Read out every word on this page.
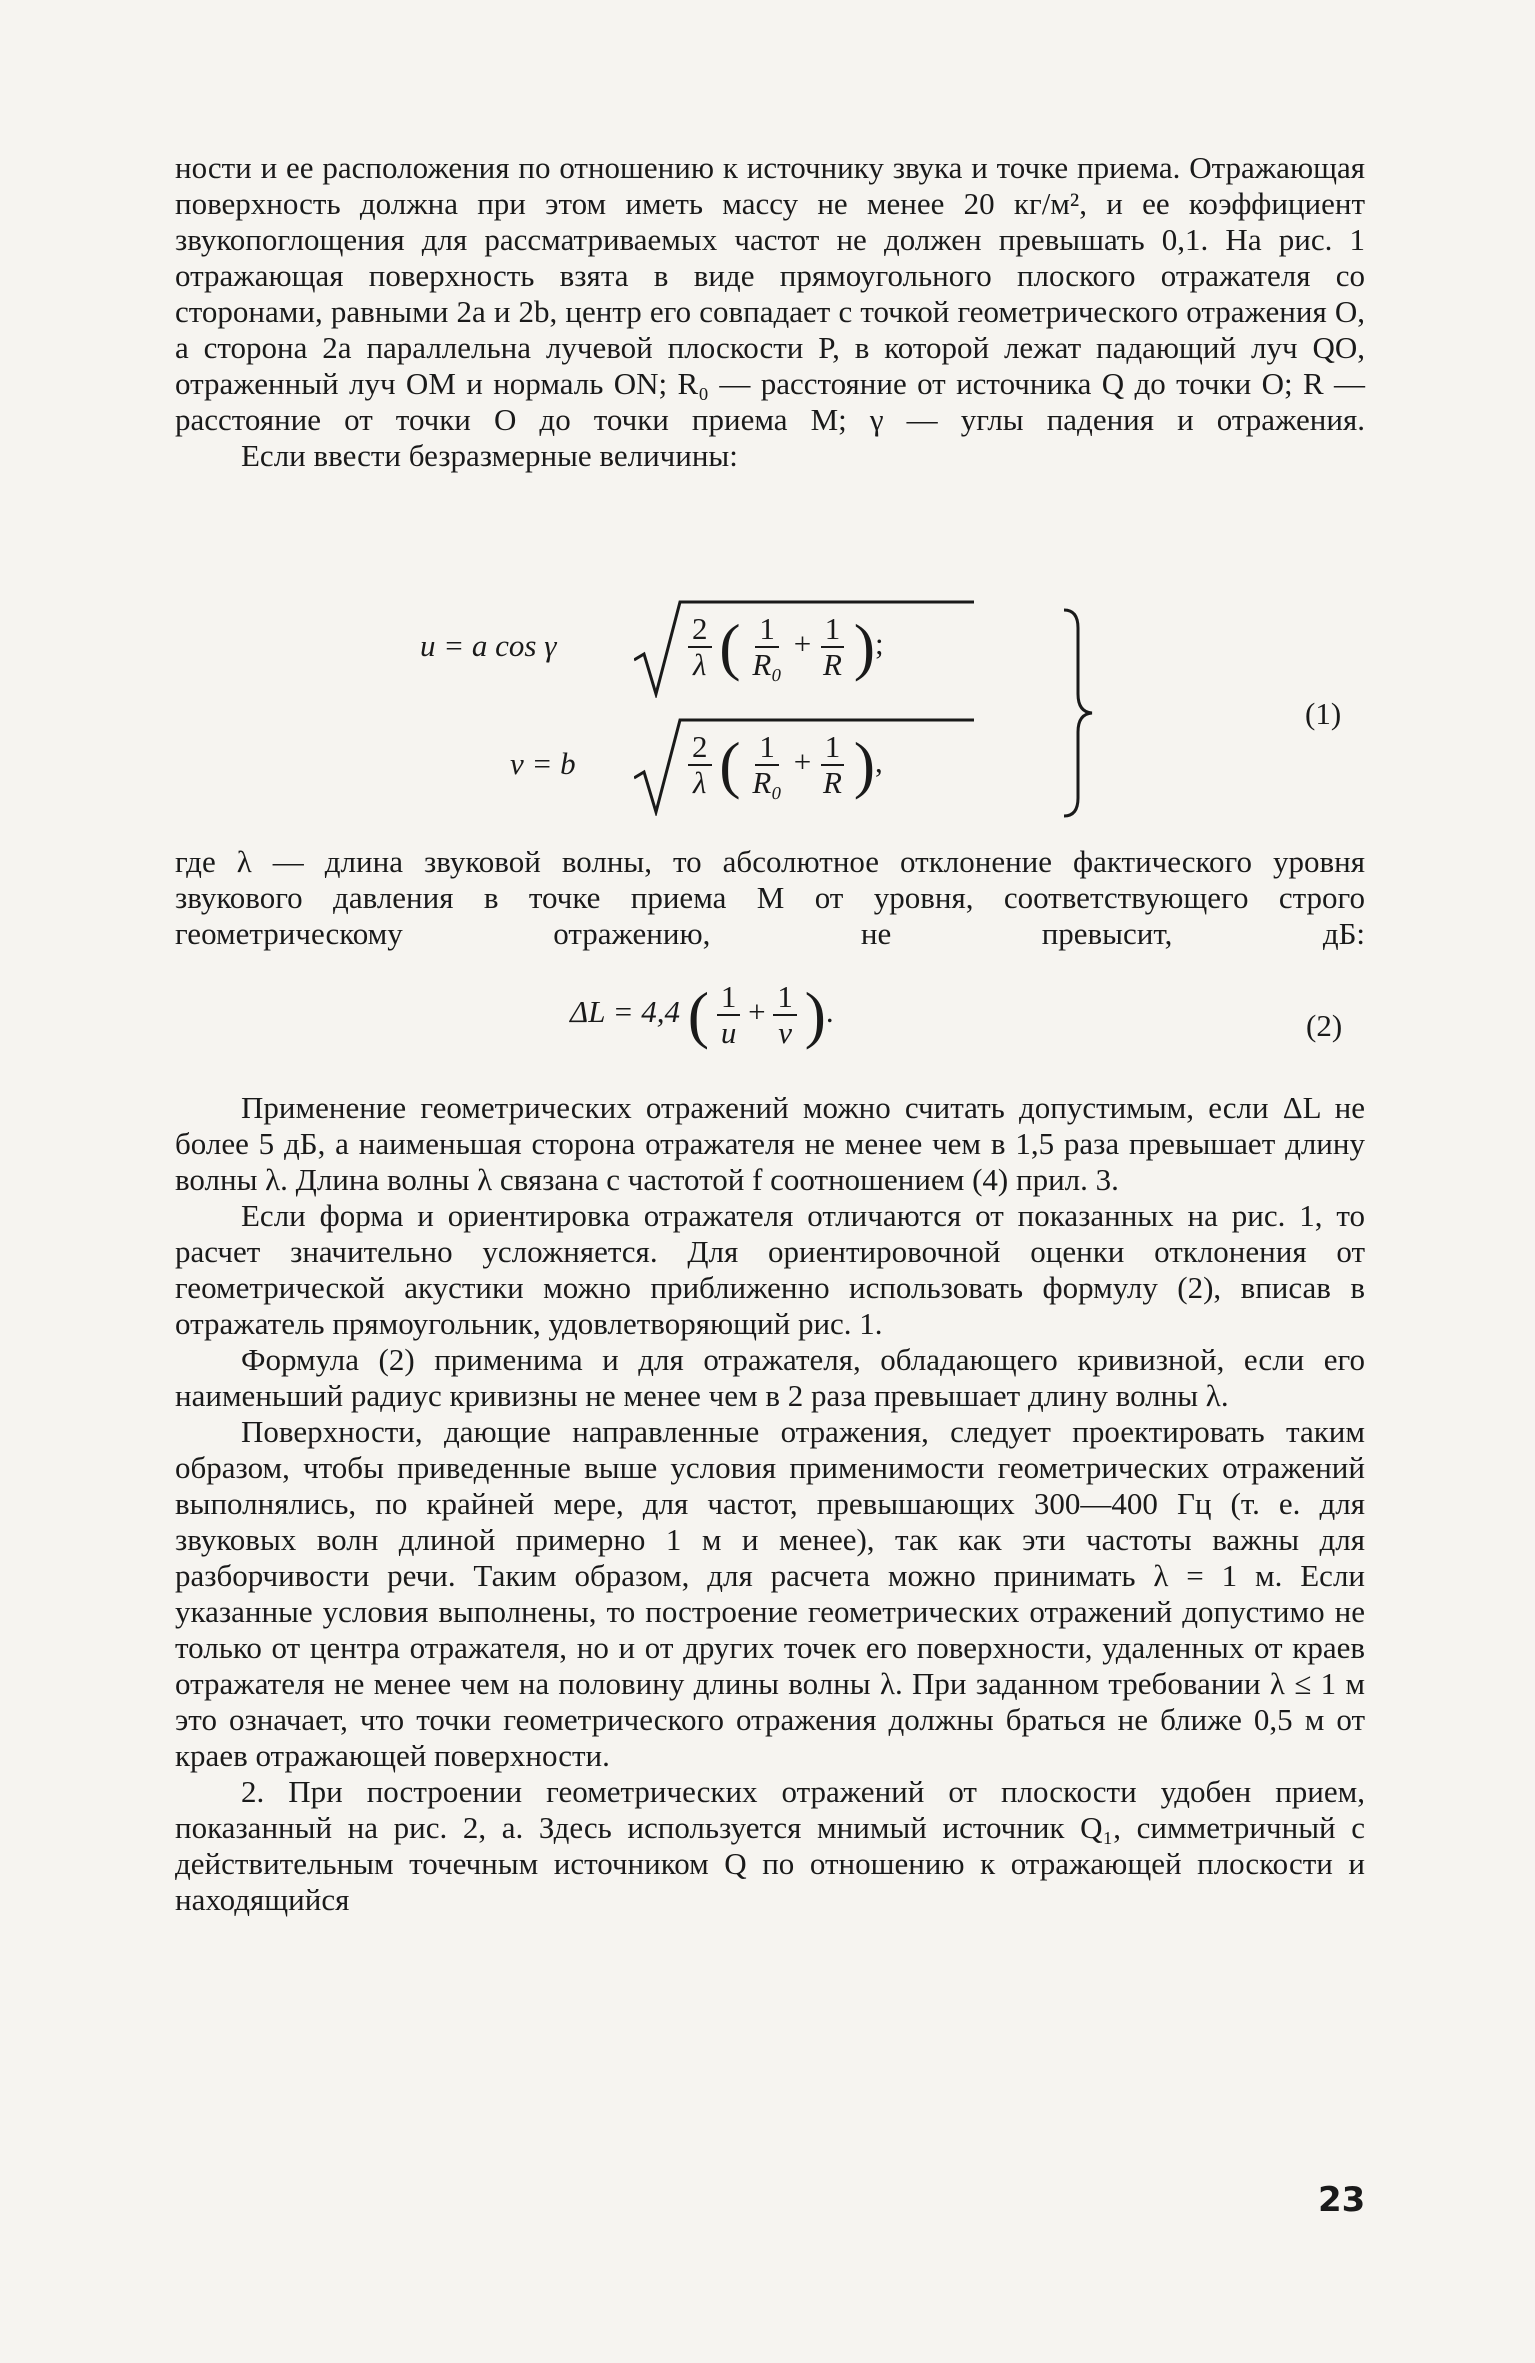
ности и ее расположения по отношению к источнику звука и точке приема. Отражающая поверхность должна при этом иметь массу не менее 20 кг/м², и ее коэффициент звукопоглощения для рассматриваемых частот не должен превышать 0,1. На рис. 1 отражающая поверхность взята в виде прямоугольного плоского отражателя со сторонами, равными 2a и 2b, центр его совпадает с точкой геометрического отражения O, а сторона 2a параллельна лучевой плоскости P, в которой лежат падающий луч QO, отраженный луч OM и нормаль ON; R₀ — расстояние от источника Q до точки O; R — расстояние от точки O до точки приема M; γ — углы падения и отражения.

Если ввести безразмерные величины:

u = a cos γ	$\frac{2}{\lambda}$ ( $\frac{1}{\text{R₀}} + \frac{1}{R}$ );
v = b	$\frac{2}{\lambda}$ ( $\frac{1}{\text{R₀}} + \frac{1}{R}$ ),
(1)

где λ — длина звуковой волны, то абсолютное отклонение фактического уровня звукового давления в точке приема M от уровня, соответствующего строго геометрическому отражению, не превысит, дБ:

ΔL = 4,4 ( $\frac{1}{u} + \frac{1}{v}$ ).	(2)

Применение геометрических отражений можно считать допустимым, если ΔL не более 5 дБ, а наименьшая сторона отражателя не менее чем в 1,5 раза превышает длину волны λ. Длина волны λ связана с частотой f соотношением (4) прил. 3.

Если форма и ориентировка отражателя отличаются от показанных на рис. 1, то расчет значительно усложняется. Для ориентировочной оценки отклонения от геометрической акустики можно приближенно использовать формулу (2), вписав в отражатель прямоугольник, удовлетворяющий рис. 1.

Формула (2) применима и для отражателя, обладающего кривизной, если его наименьший радиус кривизны не менее чем в 2 раза превышает длину волны λ.

Поверхности, дающие направленные отражения, следует проектировать таким образом, чтобы приведенные выше условия применимости геометрических отражений выполнялись, по крайней мере, для частот, превышающих 300—400 Гц (т. е. для звуковых волн длиной примерно 1 м и менее), так как эти частоты важны для разборчивости речи. Таким образом, для расчета можно принимать λ = 1 м. Если указанные условия выполнены, то построение геометрических отражений допустимо не только от центра отражателя, но и от других точек его поверхности, удаленных от краев отражателя не менее чем на половину длины волны λ. При заданном требовании λ ≤ 1 м это означает, что точки геометрического отражения должны браться не ближе 0,5 м от краев отражающей поверхности.

2. При построении геометрических отражений от плоскости удобен прием, показанный на рис. 2, а. Здесь используется мнимый источник Q₁, симметричный с действительным точечным источником Q по отношению к отражающей плоскости и находящийся

23
